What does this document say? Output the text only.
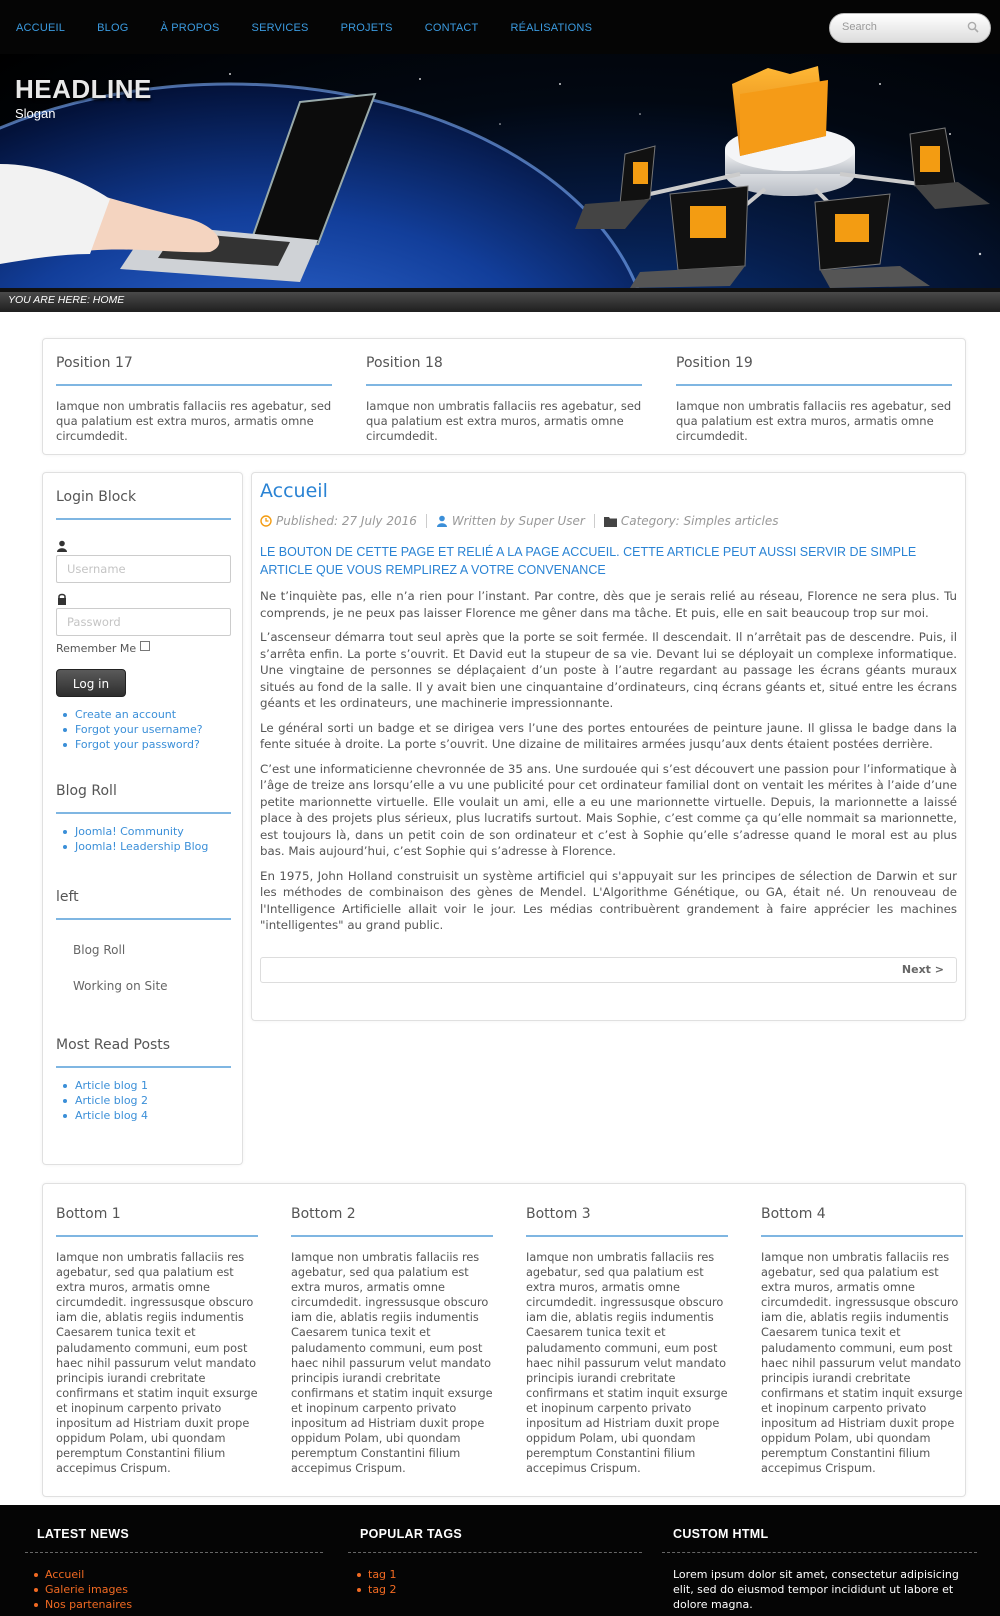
ACCUEIL	BLOG	À PROPOS	SERVICES	PROJETS	CONTACT	RÉALISATIONS
Search
HEADLINE
Slogan
YOU ARE HERE: HOME
Position 17
Iamque non umbratis fallaciis res agebatur, sed qua palatium est extra muros, armatis omne circumdedit.
Position 18
Iamque non umbratis fallaciis res agebatur, sed qua palatium est extra muros, armatis omne circumdedit.
Position 19
Iamque non umbratis fallaciis res agebatur, sed qua palatium est extra muros, armatis omne circumdedit.
Login Block
Username
Remember Me
Log in
Create an account
Forgot your username?
Forgot your password?
Blog Roll
Joomla! Community
Joomla! Leadership Blog
left
Blog Roll
Working on Site
Most Read Posts
Article blog 1
Article blog 2
Article blog 4
Accueil
Published: 27 July 2016	Written by Super User	Category: Simples articles
LE BOUTON DE CETTE PAGE ET RELIÉ A LA PAGE ACCUEIL. CETTE ARTICLE PEUT AUSSI SERVIR DE SIMPLE ARTICLE QUE VOUS REMPLIREZ A VOTRE CONVENANCE

Ne t’inquiète pas, elle n’a rien pour l’instant. Par contre, dès que je serais relié au réseau, Florence ne sera plus. Tu comprends, je ne peux pas laisser Florence me gêner dans ma tâche. Et puis, elle en sait beaucoup trop sur moi.

L’ascenseur démarra tout seul après que la porte se soit fermée. Il descendait. Il n’arrêtait pas de descendre. Puis, il s’arrêta enfin. La porte s’ouvrit. Et David eut la stupeur de sa vie. Devant lui se déployait un complexe informatique. Une vingtaine de personnes se déplaçaient d’un poste à l’autre regardant au passage les écrans géants muraux situés au fond de la salle. Il y avait bien une cinquantaine d’ordinateurs, cinq écrans géants et, situé entre les écrans géants et les ordinateurs, une machinerie impressionnante.

Le général sorti un badge et se dirigea vers l’une des portes entourées de peinture jaune. Il glissa le badge dans la fente située à droite. La porte s’ouvrit. Une dizaine de militaires armées jusqu’aux dents étaient postées derrière.

C’est une informaticienne chevronnée de 35 ans. Une surdouée qui s’est découvert une passion pour l’informatique à l’âge de treize ans lorsqu’elle a vu une publicité pour cet ordinateur familial dont on ventait les mérites à l’aide d’une petite marionnette virtuelle. Elle voulait un ami, elle a eu une marionnette virtuelle. Depuis, la marionnette a laissé place à des projets plus sérieux, plus lucratifs surtout. Mais Sophie, c’est comme ça qu’elle nommait sa marionnette, est toujours là, dans un petit coin de son ordinateur et c’est à Sophie qu’elle s’adresse quand le moral est au plus bas. Mais aujourd’hui, c’est Sophie qui s’adresse à Florence.

En 1975, John Holland construisit un système artificiel qui s'appuyait sur les principes de sélection de Darwin et sur les méthodes de combinaison des gènes de Mendel. L'Algorithme Génétique, ou GA, était né. Un renouveau de l'Intelligence Artificielle allait voir le jour. Les médias contribuèrent grandement à faire apprécier les machines "intelligentes" au grand public.

Next >
Bottom 1
Iamque non umbratis fallaciis res agebatur, sed qua palatium est extra muros, armatis omne circumdedit. ingressusque obscuro iam die, ablatis regiis indumentis Caesarem tunica texit et paludamento communi, eum post haec nihil passurum velut mandato principis iurandi crebritate confirmans et statim inquit exsurge et inopinum carpento privato inpositum ad Histriam duxit prope oppidum Polam, ubi quondam peremptum Constantini filium accepimus Crispum.
Bottom 2
Iamque non umbratis fallaciis res agebatur, sed qua palatium est extra muros, armatis omne circumdedit. ingressusque obscuro iam die, ablatis regiis indumentis Caesarem tunica texit et paludamento communi, eum post haec nihil passurum velut mandato principis iurandi crebritate confirmans et statim inquit exsurge et inopinum carpento privato inpositum ad Histriam duxit prope oppidum Polam, ubi quondam peremptum Constantini filium accepimus Crispum.
Bottom 3
Iamque non umbratis fallaciis res agebatur, sed qua palatium est extra muros, armatis omne circumdedit. ingressusque obscuro iam die, ablatis regiis indumentis Caesarem tunica texit et paludamento communi, eum post haec nihil passurum velut mandato principis iurandi crebritate confirmans et statim inquit exsurge et inopinum carpento privato inpositum ad Histriam duxit prope oppidum Polam, ubi quondam peremptum Constantini filium accepimus Crispum.
Bottom 4
Iamque non umbratis fallaciis res agebatur, sed qua palatium est extra muros, armatis omne circumdedit. ingressusque obscuro iam die, ablatis regiis indumentis Caesarem tunica texit et paludamento communi, eum post haec nihil passurum velut mandato principis iurandi crebritate confirmans et statim inquit exsurge et inopinum carpento privato inpositum ad Histriam duxit prope oppidum Polam, ubi quondam peremptum Constantini filium accepimus Crispum.
LATEST NEWS
Accueil
Galerie images
Nos partenaires
POPULAR TAGS
tag 1
tag 2
CUSTOM HTML

Lorem ipsum dolor sit amet, consectetur adipisicing elit, sed do eiusmod tempor incididunt ut labore et dolore magna.
